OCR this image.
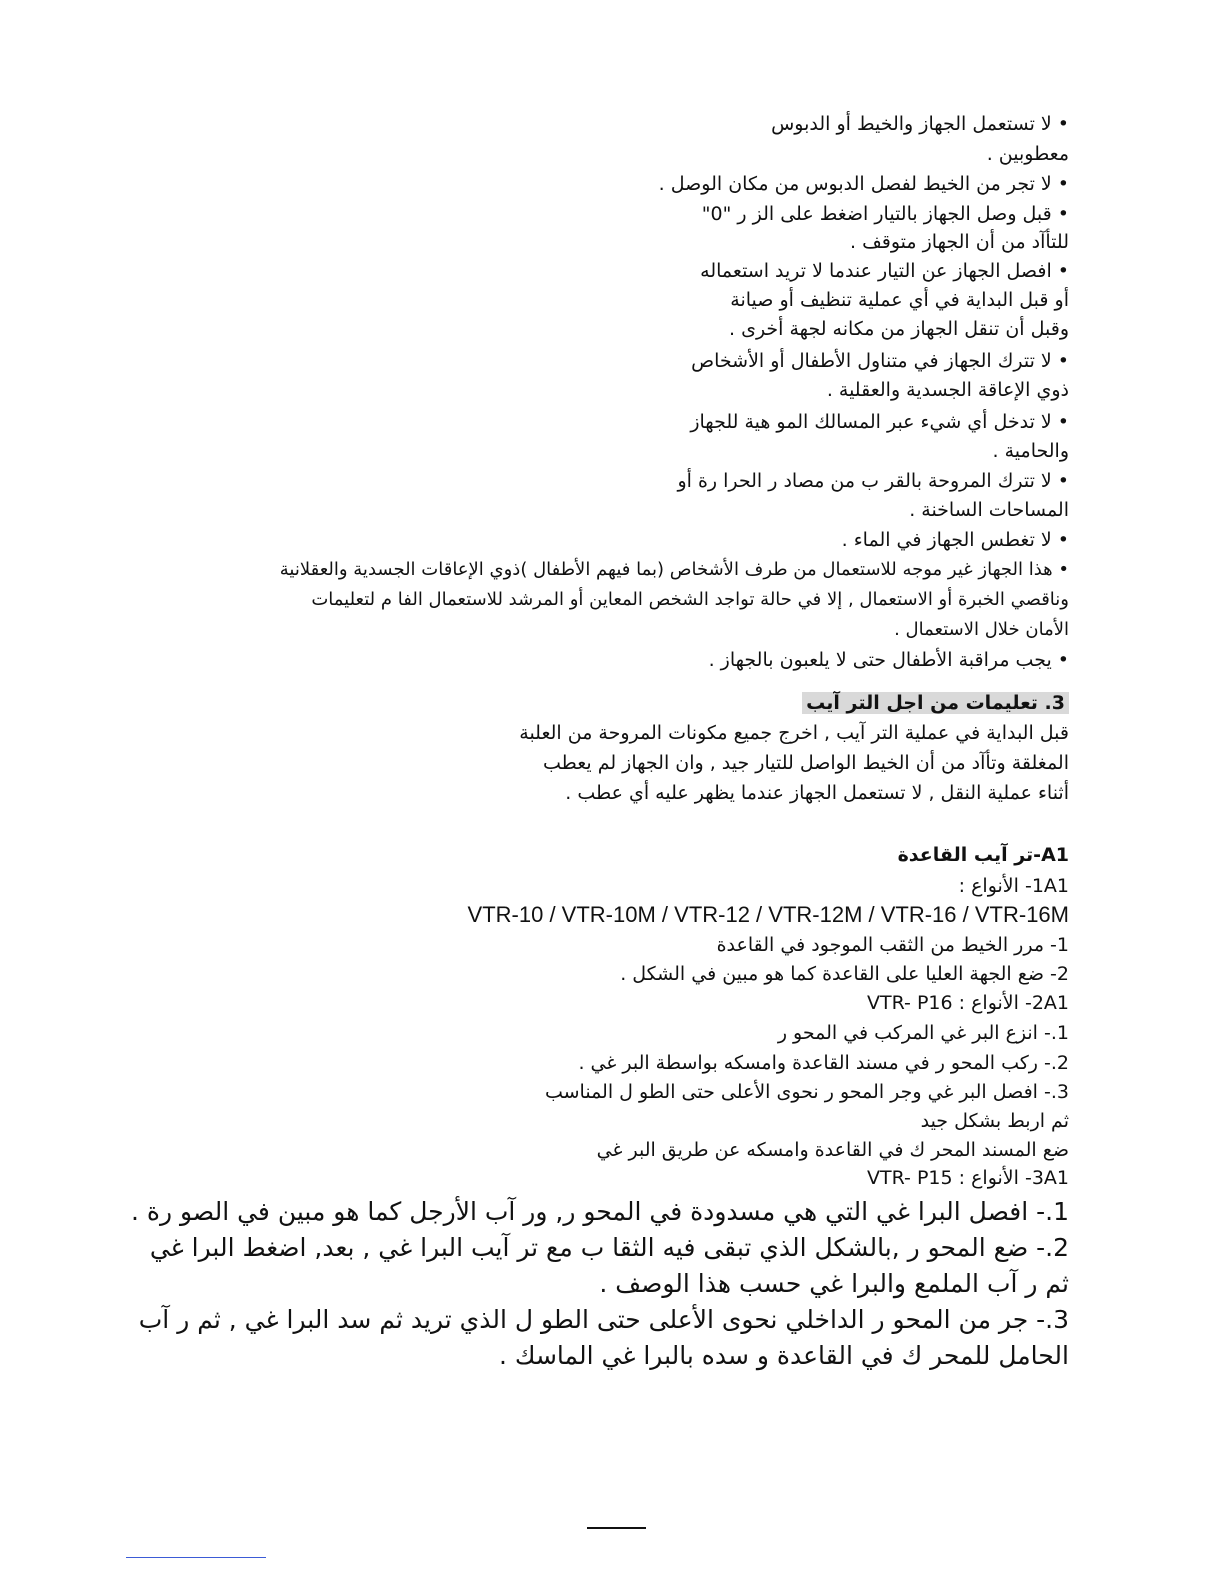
• لا تستعمل الجهاز والخيط أو الدبوس
معطوبين .
• لا تجر من الخيط لفصل الدبوس من مكان الوصل .
• قبل وصل الجهاز بالتيار اضغط على الز ر "0"
للتأآد من أن الجهاز متوقف .
• افصل الجهاز عن التيار عندما لا تريد استعماله
أو قبل البداية في أي عملية تنظيف أو صيانة
وقبل أن تنقل الجهاز من مكانه لجهة أخرى .
• لا تترك الجهاز في متناول الأطفال أو الأشخاص
ذوي الإعاقة الجسدية والعقلية .
• لا تدخل أي شيء عبر المسالك المو هية للجهاز
والحامية .
• لا تترك المروحة بالقر ب من مصاد ر الحرا رة أو
المساحات الساخنة .
• لا تغطس الجهاز في الماء .
• هذا الجهاز غير موجه للاستعمال من طرف الأشخاص (بما فيهم الأطفال )ذوي الإعاقات الجسدية والعقلانية
وناقصي الخبرة أو الاستعمال , إلا في حالة تواجد الشخص المعاين أو المرشد للاستعمال الفا م لتعليمات
الأمان خلال الاستعمال .
• يجب مراقبة الأطفال حتى لا يلعبون بالجهاز .
3. تعليمات من اجل التر آيب
قبل البداية في عملية التر آيب , اخرج جميع مكونات المروحة من العلبة
المغلقة وتأآد من أن الخيط الواصل للتيار جيد , وان الجهاز لم يعطب
أثناء عملية النقل , لا تستعمل الجهاز عندما يظهر عليه أي عطب .
A1-تر آيب القاعدة
1A1- الأنواع :
VTR-10 / VTR-10M / VTR-12 / VTR-12M / VTR-16 / VTR-16M
1- مرر الخيط من الثقب الموجود في القاعدة
2- ضع الجهة العليا على القاعدة كما هو مبين في الشكل .
2A1- الأنواع : VTR- P16
1.- انزع البر غي المركب في المحو ر
2.- ركب المحو ر في مسند القاعدة وامسكه بواسطة البر غي .
3.- افصل البر غي وجر المحو ر نحوى الأعلى حتى الطو ل المناسب
ثم اربط بشكل جيد
ضع المسند المحر ك في القاعدة وامسكه عن طريق البر غي
3A1- الأنواع : VTR- P15
1.- افصل البرا غي التي هي مسدودة في المحو ر, ور آب الأرجل كما هو مبين في الصو رة .
2.- ضع المحو ر ,بالشكل الذي تبقى فيه الثقا ب مع تر آيب البرا غي , بعد, اضغط البرا غي
ثم ر آب الملمع والبرا غي حسب هذا الوصف .
3.- جر من المحو ر الداخلي نحوى الأعلى حتى الطو ل الذي تريد ثم سد البرا غي , ثم ر آب
الحامل للمحر ك في القاعدة و سده بالبرا غي الماسك .
